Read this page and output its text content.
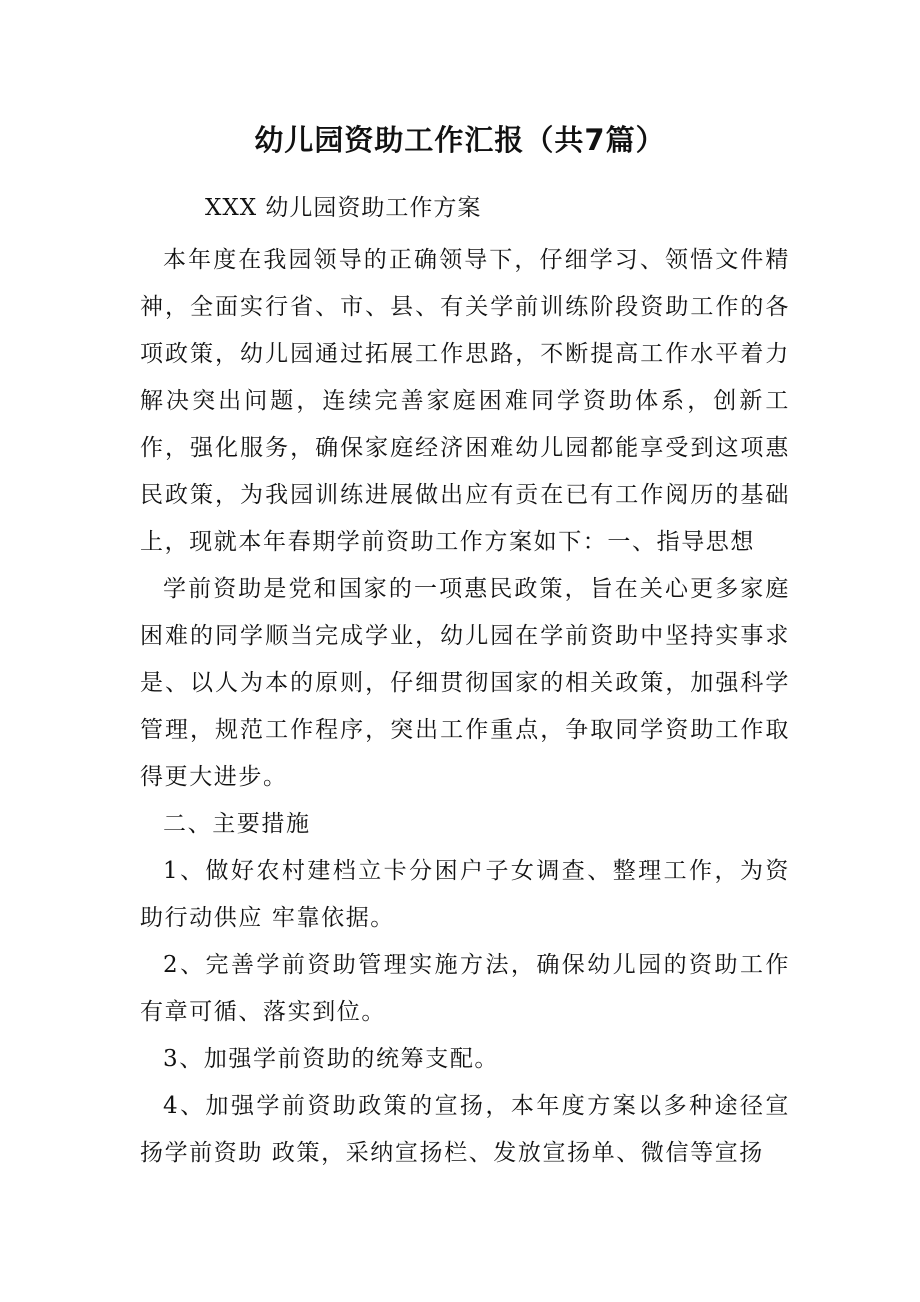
幼儿园资助工作汇报（共7篇）

XXX 幼儿园资助工作方案

本年度在我园领导的正确领导下，仔细学习、领悟文件精神，全面实行省、市、县、有关学前训练阶段资助工作的各项政策，幼儿园通过拓展工作思路，不断提高工作水平着力解决突出问题，连续完善家庭困难同学资助体系，创新工作，强化服务，确保家庭经济困难幼儿园都能享受到这项惠民政策，为我园训练进展做出应有贡在已有工作阅历的基础上，现就本年春期学前资助工作方案如下：一、指导思想

学前资助是党和国家的一项惠民政策，旨在关心更多家庭困难的同学顺当完成学业，幼儿园在学前资助中坚持实事求是、以人为本的原则，仔细贯彻国家的相关政策，加强科学管理，规范工作程序，突出工作重点，争取同学资助工作取得更大进步。

二、主要措施

1、做好农村建档立卡分困户子女调查、整理工作，为资助行动供应 牢靠依据。

2、完善学前资助管理实施方法，确保幼儿园的资助工作有章可循、落实到位。

3、加强学前资助的统筹支配。

4、加强学前资助政策的宣扬，本年度方案以多种途径宣扬学前资助 政策，采纳宣扬栏、发放宣扬单、微信等宣扬
